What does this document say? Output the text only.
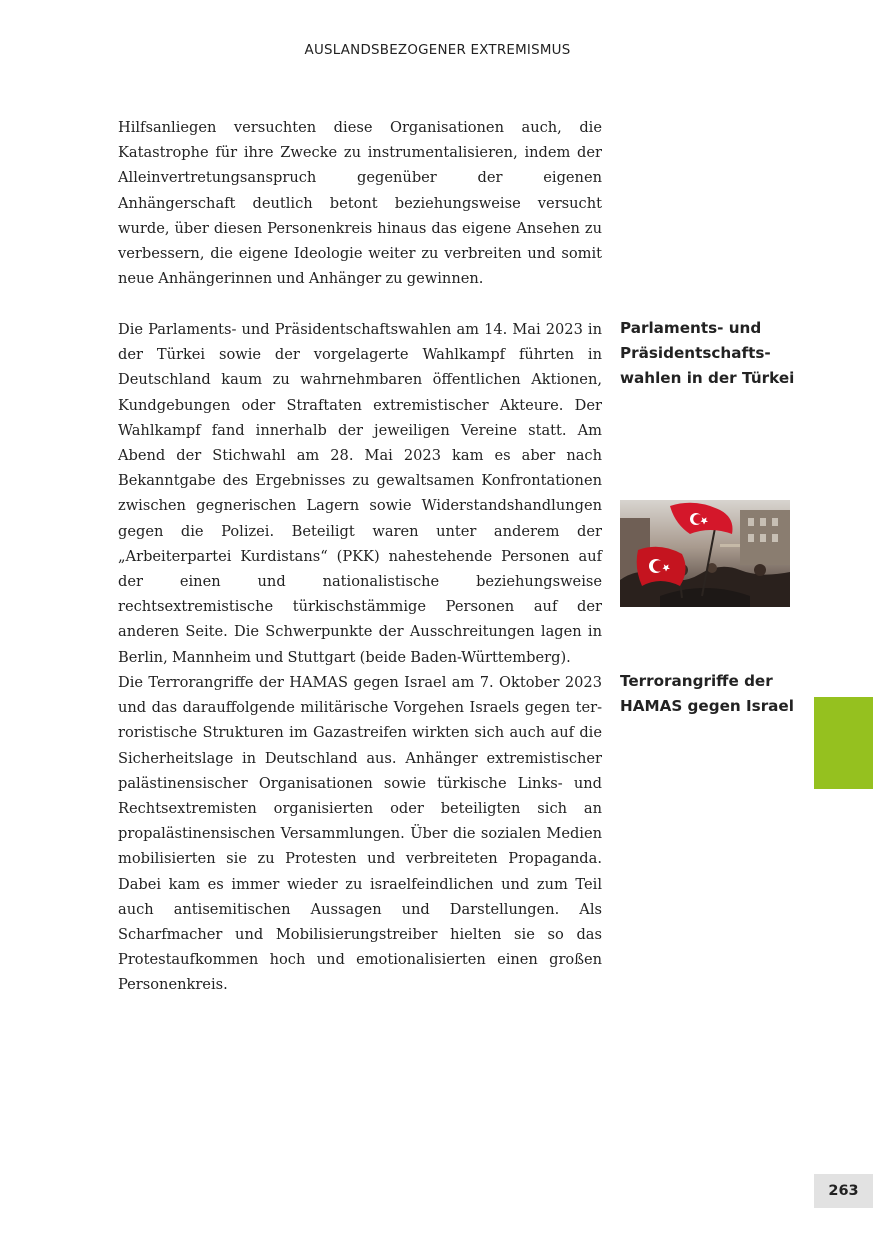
AUSLANDSBEZOGENER EXTREMISMUS

Hilfsanliegen versuchten diese Organisationen auch, die Katastrophe für ihre Zwecke zu instrumentalisieren, indem der Alleinvertretungsanspruch gegenüber der eigenen Anhängerschaft deutlich betont beziehungsweise versucht wurde, über diesen Personenkreis hinaus das eigene Ansehen zu verbessern, die eigene Ideologie weiter zu verbreiten und somit neue Anhängerinnen und Anhänger zu gewinnen.

Die Parlaments- und Präsidentschaftswahlen am 14. Mai 2023 in der Türkei sowie der vorgelagerte Wahlkampf führten in Deutschland kaum zu wahrnehmbaren öffentlichen Aktionen, Kundgebungen oder Straftaten extremistischer Akteure. Der Wahlkampf fand innerhalb der jeweiligen Vereine statt. Am Abend der Stichwahl am 28. Mai 2023 kam es aber nach Bekanntgabe des Ergebnisses zu gewaltsamen Konfrontationen zwischen gegnerischen Lagern sowie Widerstandshandlungen gegen die Polizei. Beteiligt waren unter anderem der „Arbeiterpartei Kurdistans“ (PKK) nahestehende Personen auf der einen und nationalistische beziehungsweise rechtsextremistische türkischstämmige Personen auf der anderen Seite. Die Schwerpunkte der Ausschreitungen lagen in Berlin, Mannheim und Stuttgart (beide Baden-Württemberg).

Die Terrorangriffe der HAMAS gegen Israel am 7. Oktober 2023 und das darauffolgende militärische Vorgehen Israels gegen terroristische Strukturen im Gazastreifen wirkten sich auch auf die Sicherheitslage in Deutschland aus. Anhänger extremistischer palästinensischer Organisationen sowie türkische Links- und Rechtsextremisten organisierten oder beteiligten sich an propalästinensischen Versammlungen. Über die sozialen Medien mobilisierten sie zu Protesten und verbreiteten Propaganda. Dabei kam es immer wieder zu israelfeindlichen und zum Teil auch antisemitischen Aussagen und Darstellungen. Als Scharfmacher und Mobilisierungstreiber hielten sie so das Protestaufkommen hoch und emotionalisierten einen großen Personenkreis.

Parlaments- und Präsidentschaftswahlen in der Türkei
Terrorangriffe der HAMAS gegen Israel
263
